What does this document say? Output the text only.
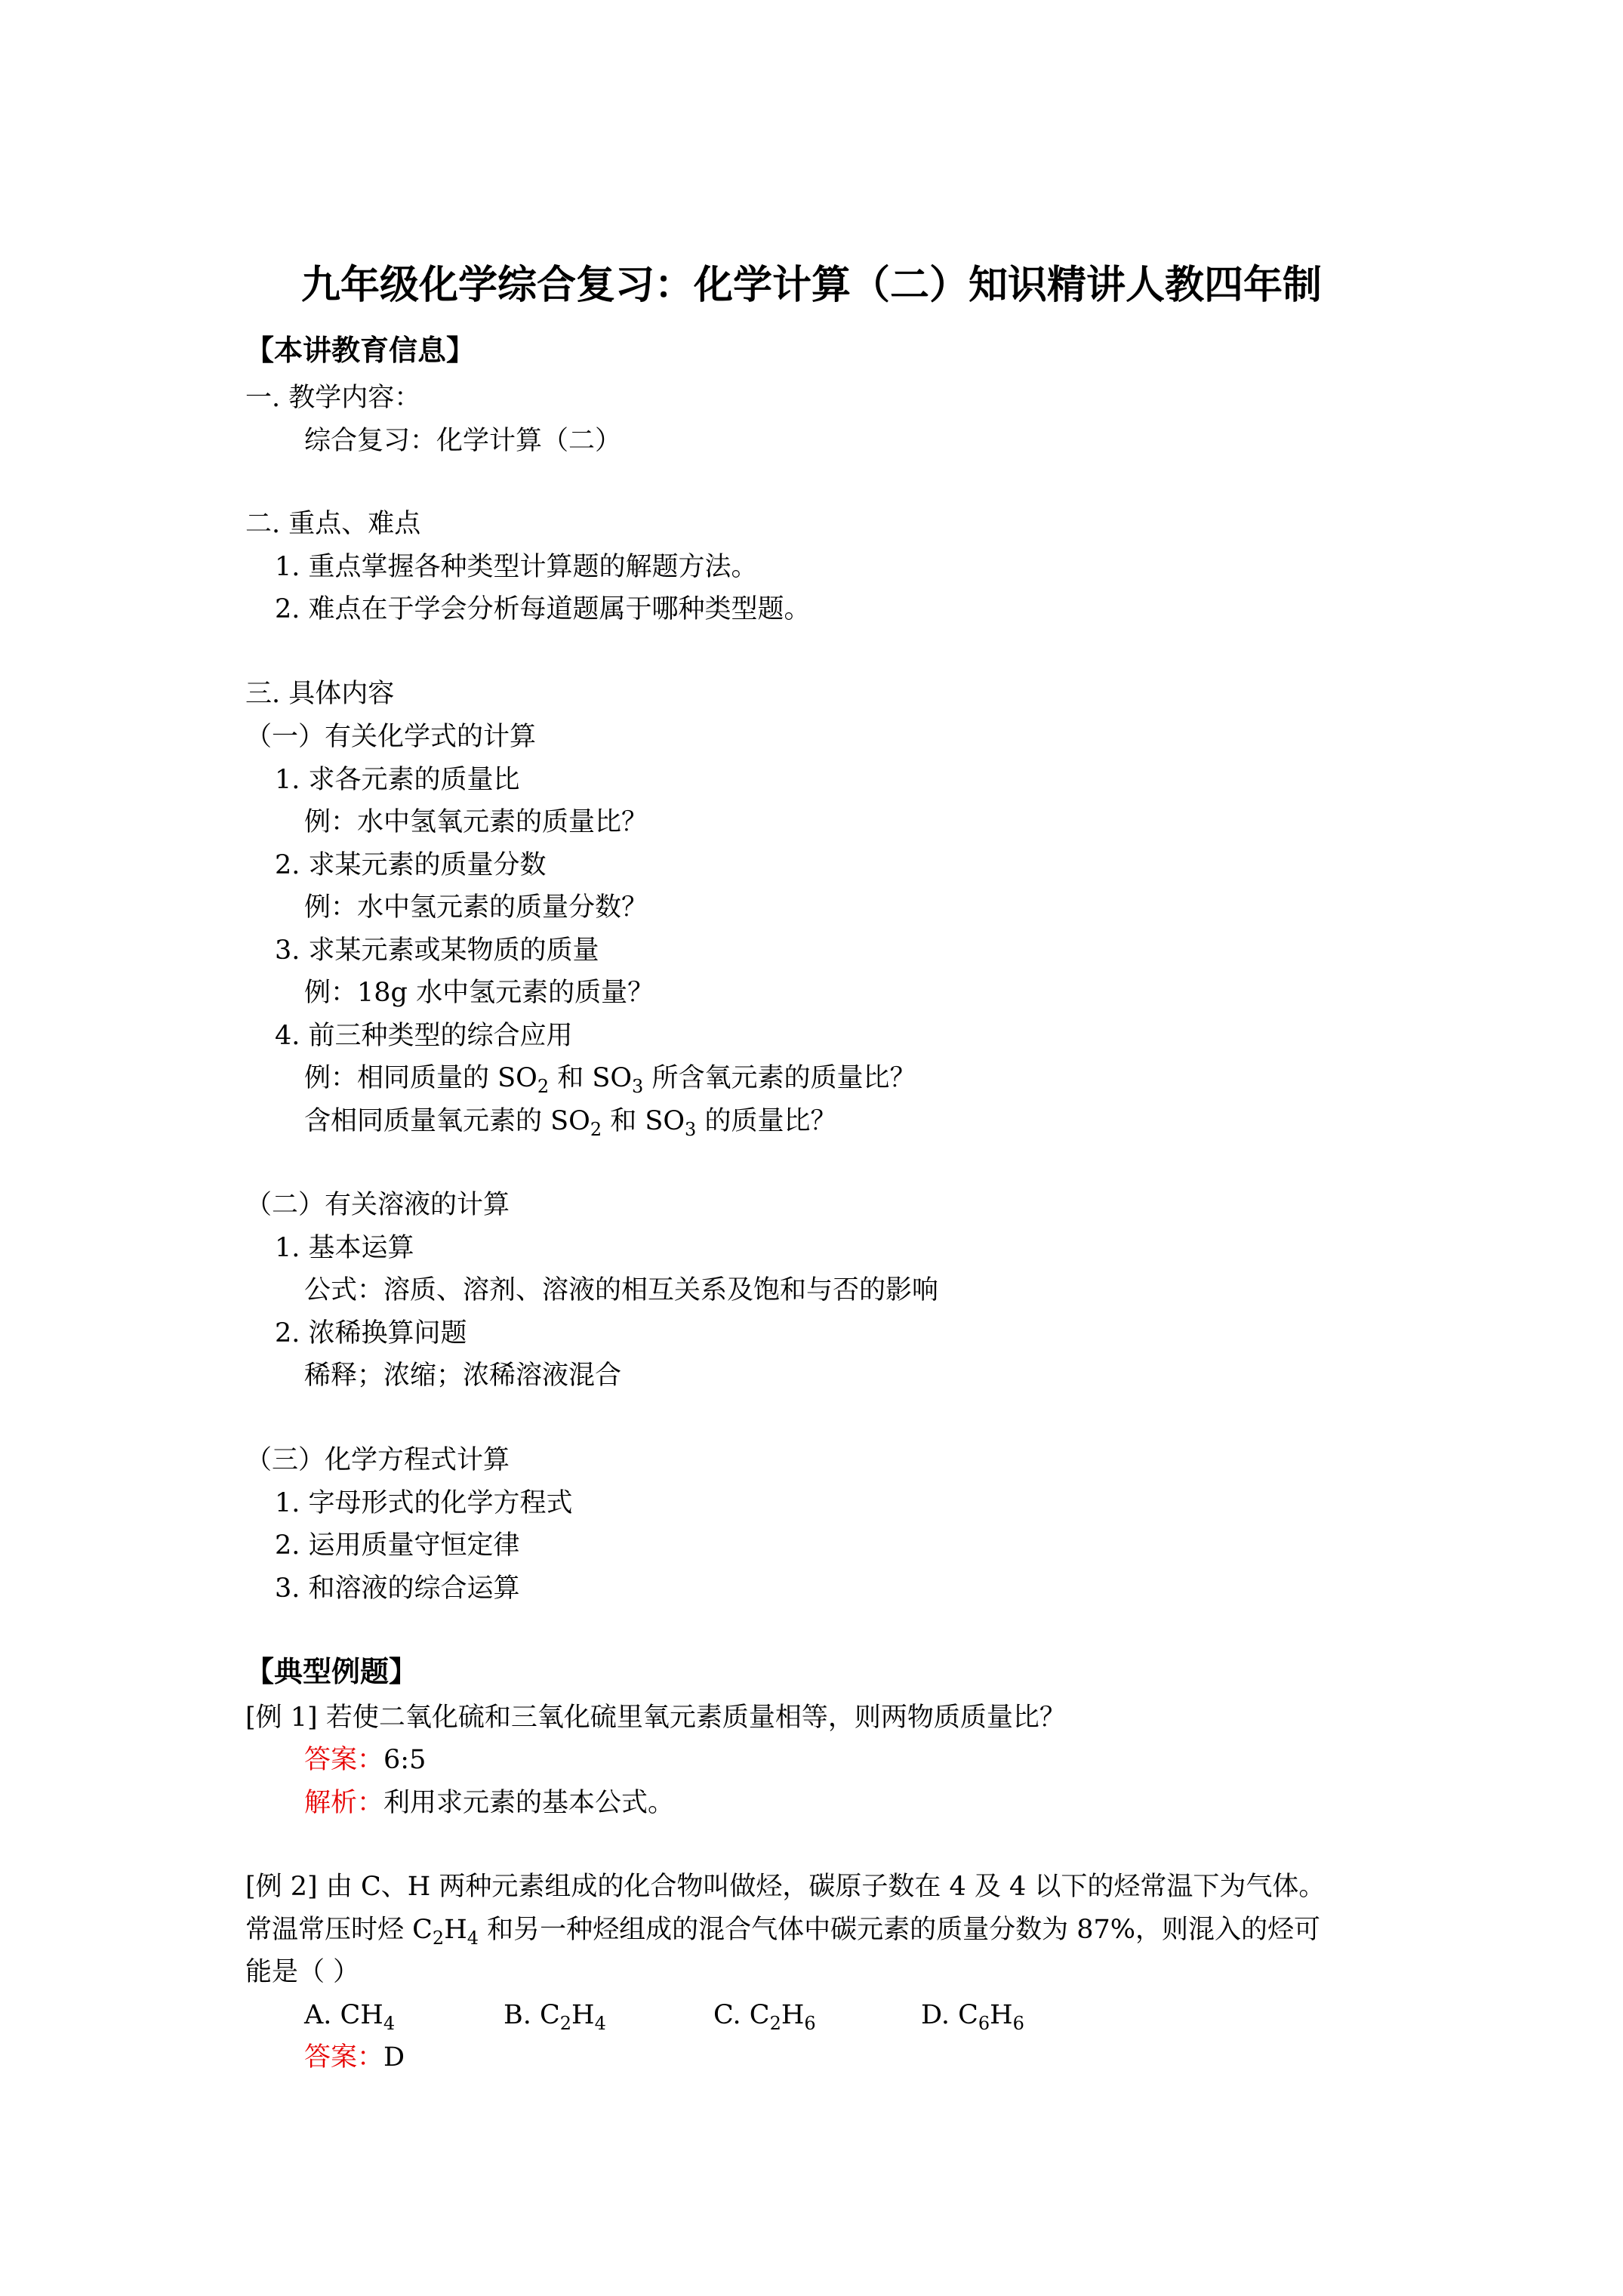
九年级化学综合复习：化学计算（二）知识精讲人教四年制
【本讲教育信息】
一. 教学内容：
综合复习：化学计算（二）
二. 重点、难点
1. 重点掌握各种类型计算题的解题方法。
2. 难点在于学会分析每道题属于哪种类型题。
三. 具体内容
（一）有关化学式的计算
1. 求各元素的质量比
例：水中氢氧元素的质量比？
2. 求某元素的质量分数
例：水中氢元素的质量分数？
3. 求某元素或某物质的质量
例：18g 水中氢元素的质量？
4. 前三种类型的综合应用
例：相同质量的 $SO_2$ 和 $SO_3$ 所含氧元素的质量比？
含相同质量氧元素的 $SO_2$ 和 $SO_3$ 的质量比？
（二）有关溶液的计算
1. 基本运算
公式：溶质、溶剂、溶液的相互关系及饱和与否的影响
2. 浓稀换算问题
稀释；浓缩；浓稀溶液混合
（三）化学方程式计算
1. 字母形式的化学方程式
2. 运用质量守恒定律
3. 和溶液的综合运算
【典型例题】
[例 1] 若使二氧化硫和三氧化硫里氧元素质量相等，则两物质质量比？
答案：6:5
解析：利用求元素的基本公式。
[例 2] 由 C、H 两种元素组成的化合物叫做烃，碳原子数在 4 及 4 以下的烃常温下为气体。
常温常压时烃 $C_2H_4$ 和另一种烃组成的混合气体中碳元素的质量分数为 87%，则混入的烃可
能是（ ）
A. $CH_4$	B. $C_2H_4$	C. $C_2H_6$	D. $C_6H_6$
答案：D
